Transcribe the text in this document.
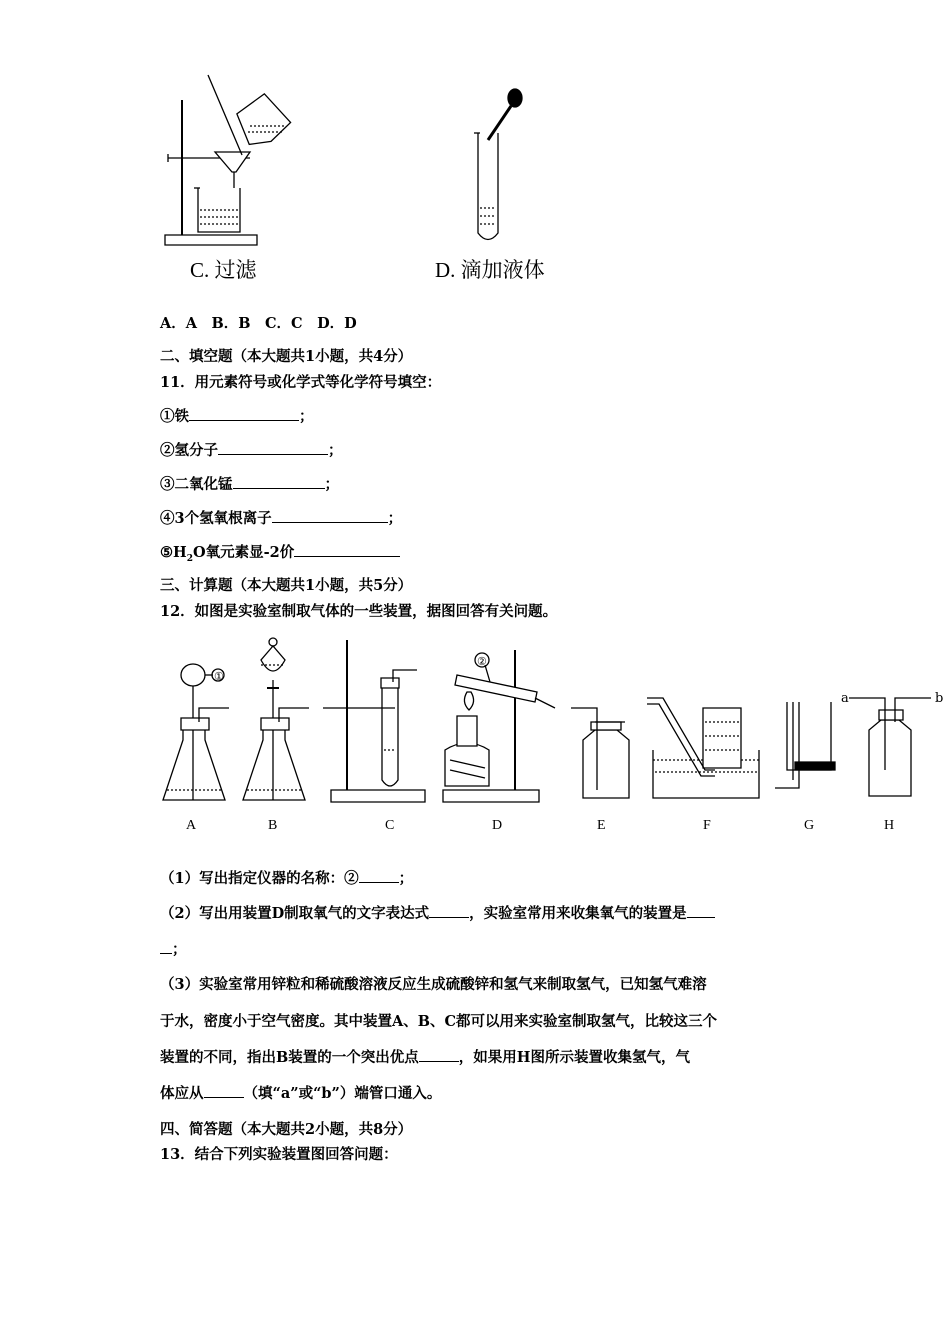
C. 过滤	D. 滴加液体
A．A　B．B　C．C　D．D
二、填空题（本大题共1小题，共4分）
11．用元素符号或化学式等化学符号填空：
①铁	；
②氢分子	；
③二氧化锰	；
④3个氢氧根离子	；
$⑤H_2O$氧元素显-2价
三、计算题（本大题共1小题，共5分）
12．如图是实验室制取气体的一些装置，据图回答有关问题。
①
②
a	b
A	B	C	D	E	F	G	H
（1）写出指定仪器的名称：②	；
（2）写出用装置D制取氧气的文字表达式	，实验室常用来收集氧气的装置是
；
（3）实验室常用锌粒和稀硫酸溶液反应生成硫酸锌和氢气来制取氢气，已知氢气难溶
于水，密度小于空气密度。其中装置A、B、C都可以用来实验室制取氢气，比较这三个
装置的不同，指出B装置的一个突出优点	，如果用H图所示装置收集氢气，气
体应从	（填“a”或“b”）端管口通入。
四、简答题（本大题共2小题，共8分）
13．结合下列实验装置图回答问题：
